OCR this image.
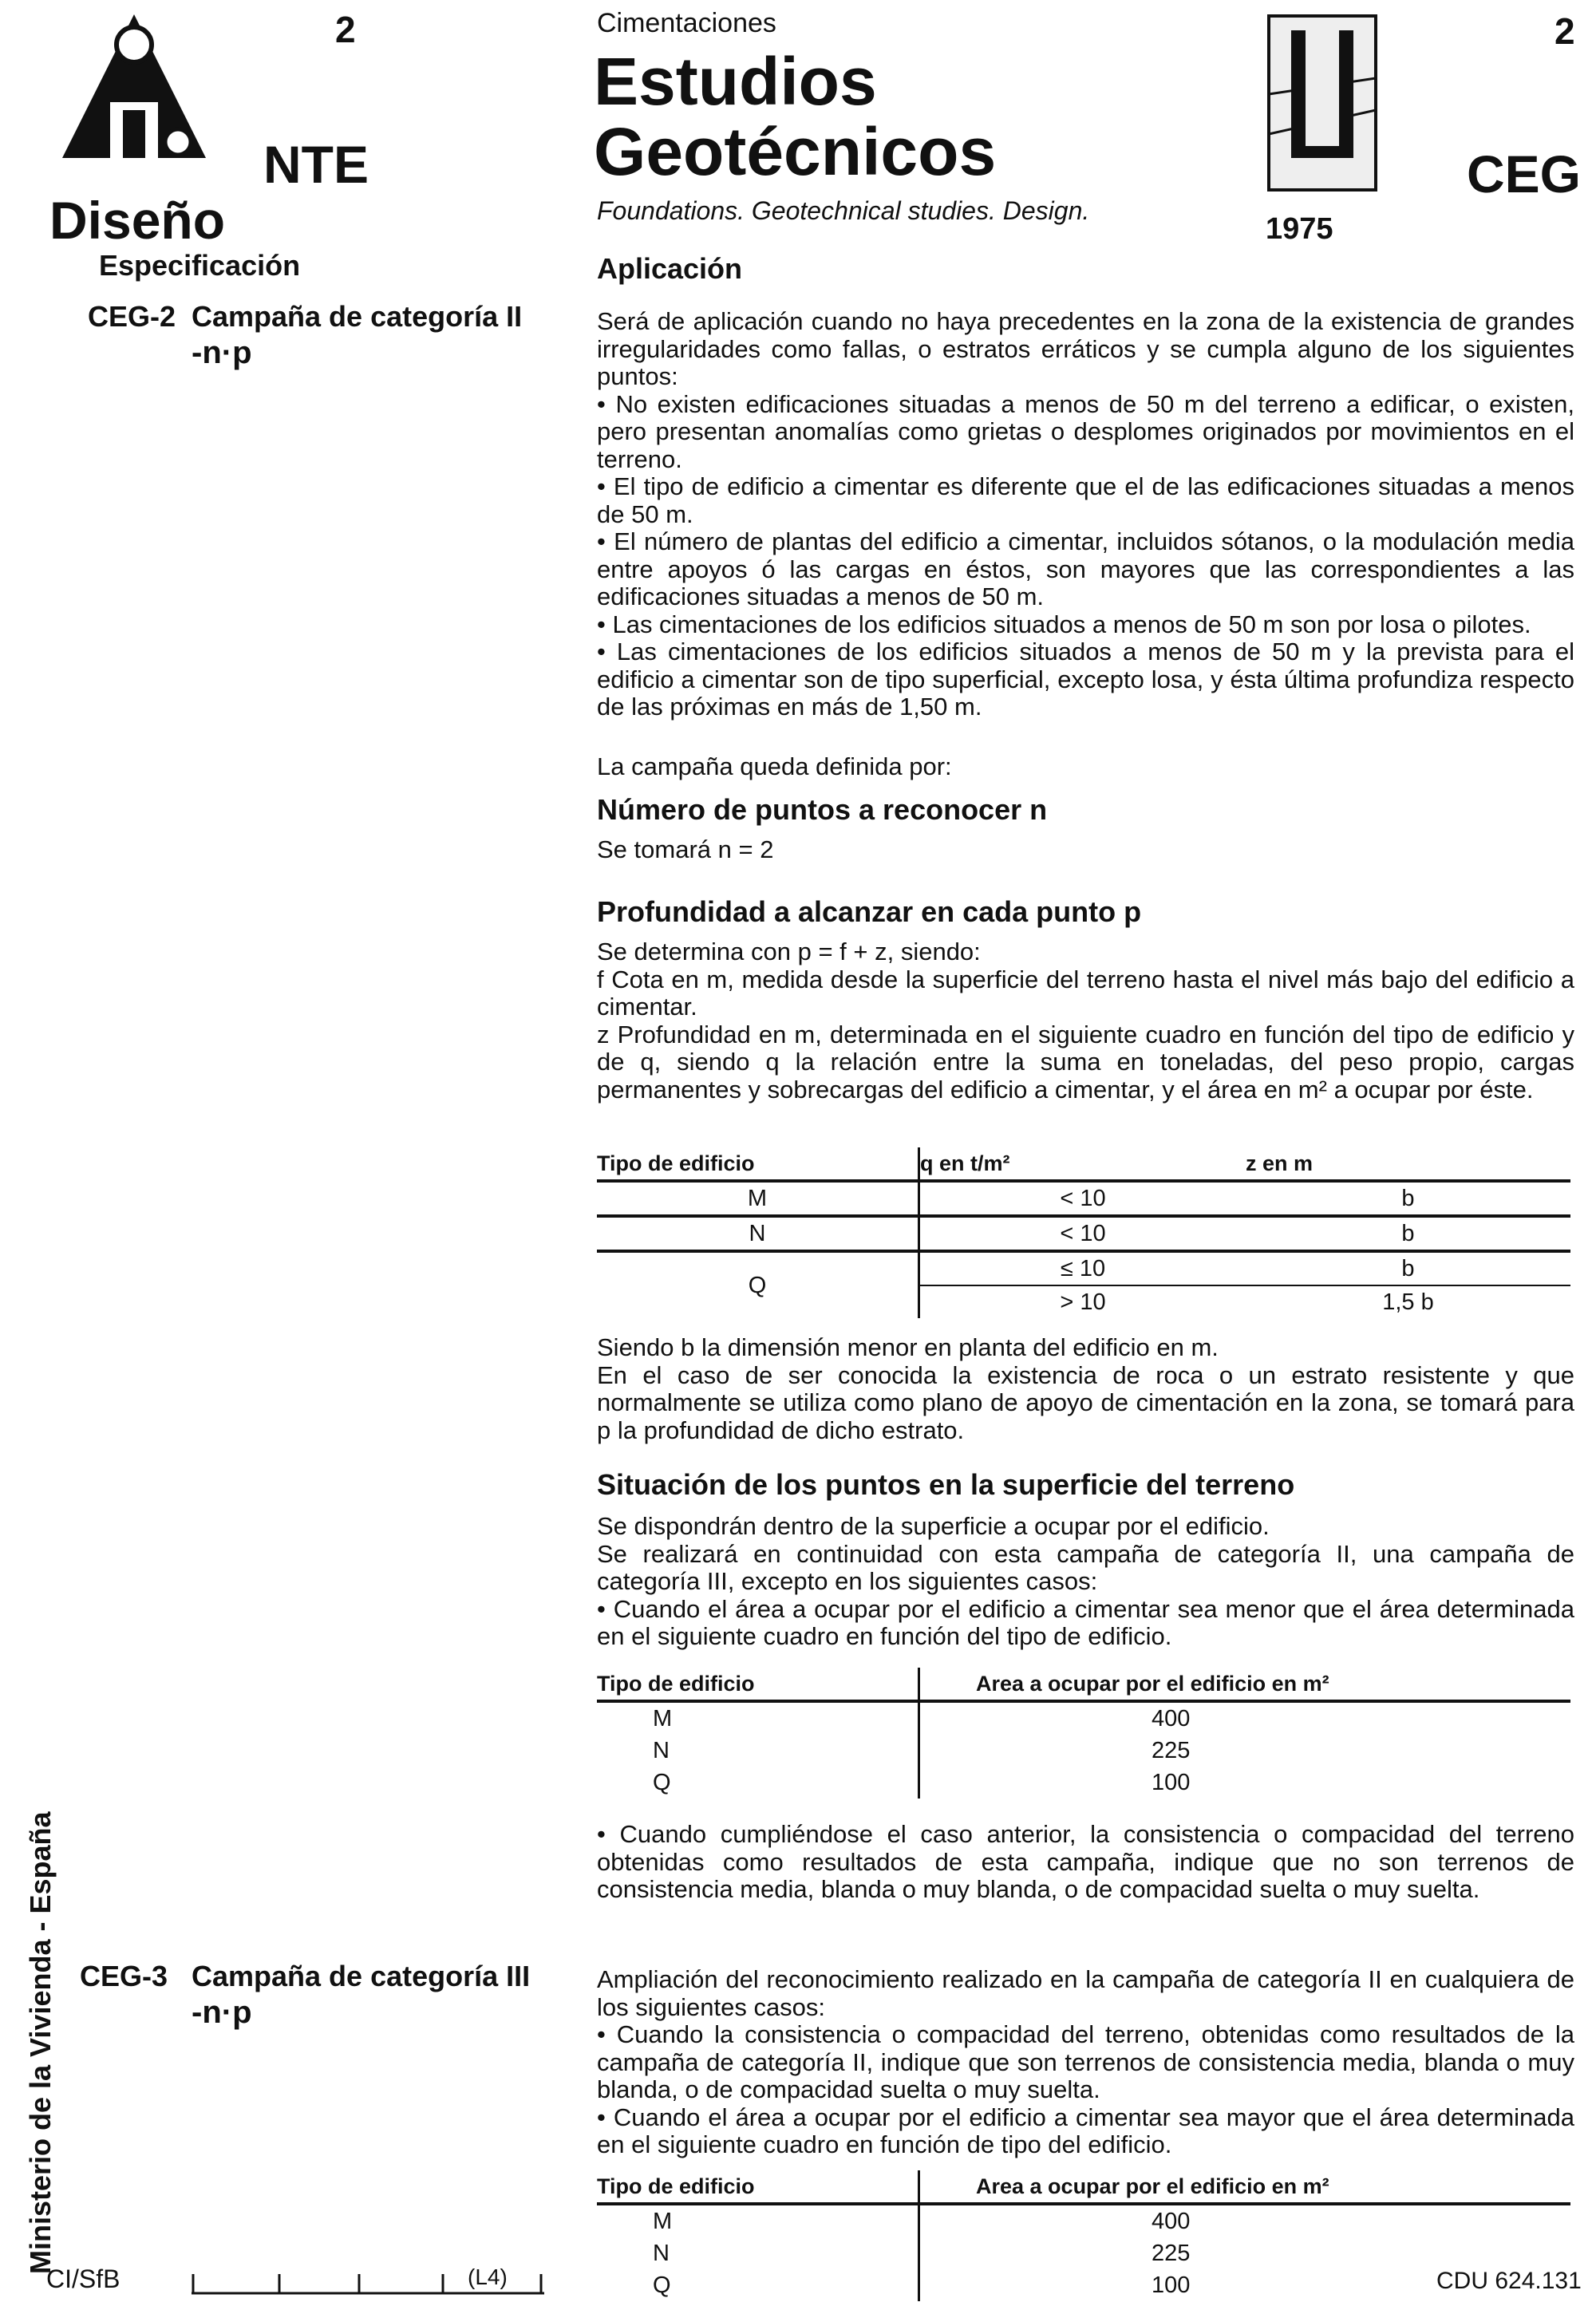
2
NTE
Diseño
Especificación
CEG-2 Campaña de categoría II
-n·p
CEG-3 Campaña de categoría III
-n·p
Ministerio de la Vivienda - España
CI/SfB	(L4)
Cimentaciones
Estudios
Geotécnicos
Foundations. Geotechnical studies. Design.
2
CEG
1975
Aplicación

Será de aplicación cuando no haya precedentes en la zona de la existencia de grandes irregularidades como fallas, o estratos erráticos y se cumpla alguno de los siguientes puntos:

• No existen edificaciones situadas a menos de 50 m del terreno a edificar, o existen, pero presentan anomalías como grietas o desplomes originados por movimientos en el terreno.

• El tipo de edificio a cimentar es diferente que el de las edificaciones situadas a menos de 50 m.

• El número de plantas del edificio a cimentar, incluidos sótanos, o la modulación media entre apoyos ó las cargas en éstos, son mayores que las correspondientes a las edificaciones situadas a menos de 50 m.

• Las cimentaciones de los edificios situados a menos de 50 m son por losa o pilotes.

• Las cimentaciones de los edificios situados a menos de 50 m y la prevista para el edificio a cimentar son de tipo superficial, excepto losa, y ésta última profundiza respecto de las próximas en más de 1,50 m.

La campaña queda definida por:
Número de puntos a reconocer n
Se tomará n = 2
Profundidad a alcanzar en cada punto p

Se determina con p = f + z, siendo:

f Cota en m, medida desde la superficie del terreno hasta el nivel más bajo del edificio a cimentar.

z Profundidad en m, determinada en el siguiente cuadro en función del tipo de edificio y de q, siendo q la relación entre la suma en toneladas, del peso propio, cargas permanentes y sobrecargas del edificio a cimentar, y el área en m² a ocupar por éste.

Tipo de edificio	q en t/m²	z en m
M	< 10	b
N	< 10	b
Q	≤ 10	b
	> 10	1,5 b

Siendo b la dimensión menor en planta del edificio en m.

En el caso de ser conocida la existencia de roca o un estrato resistente y que normalmente se utiliza como plano de apoyo de cimentación en la zona, se tomará para p la profundidad de dicho estrato.

Situación de los puntos en la superficie del terreno

Se dispondrán dentro de la superficie a ocupar por el edificio.

Se realizará en continuidad con esta campaña de categoría II, una campaña de categoría III, excepto en los siguientes casos:

• Cuando el área a ocupar por el edificio a cimentar sea menor que el área determinada en el siguiente cuadro en función del tipo de edificio.

Tipo de edificio	Area a ocupar por el edificio en m²
M	400
N	225
Q	100
• Cuando cumpliéndose el caso anterior, la consistencia o compacidad del terreno obtenidas como resultados de esta campaña, indique que no son terrenos de consistencia media, blanda o muy blanda, o de compacidad suelta o muy suelta.

Ampliación del reconocimiento realizado en la campaña de categoría II en cualquiera de los siguientes casos:

• Cuando la consistencia o compacidad del terreno, obtenidas como resultados de la campaña de categoría II, indique que son terrenos de consistencia media, blanda o muy blanda, o de compacidad suelta o muy suelta.

• Cuando el área a ocupar por el edificio a cimentar sea mayor que el área determinada en el siguiente cuadro en función de tipo del edificio.

Tipo de edificio	Area a ocupar por el edificio en m²
M	400
N	225
Q	100	CDU 624.131
